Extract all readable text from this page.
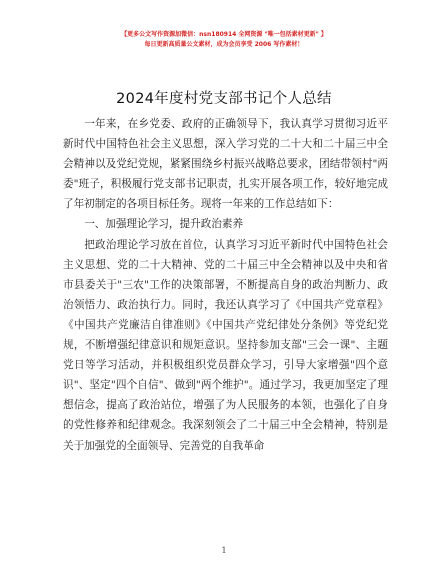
【更多公文写作资源加微信：nsn180914 全网资源 "唯一包括素材更新" 】
每日更新高质量公文素材，成为会员享受 2006 写作素材！
2024年度村党支部书记个人总结

一年来，在乡党委、政府的正确领导下，我认真学习贯彻习近平新时代中国特色社会主义思想，深入学习党的二十大和二十届三中全会精神以及党纪党规，紧紧围绕乡村振兴战略总要求，团结带领村"两委"班子，积极履行党支部书记职责，扎实开展各项工作，较好地完成了年初制定的各项目标任务。现将一年来的工作总结如下：

一、加强理论学习，提升政治素养

把政治理论学习放在首位，认真学习习近平新时代中国特色社会主义思想、党的二十大精神、党的二十届三中全会精神以及中央和省市县委关于"三农"工作的决策部署，不断提高自身的政治判断力、政治领悟力、政治执行力。同时，我还认真学习了《中国共产党章程》《中国共产党廉洁自律准则》《中国共产党纪律处分条例》等党纪党规，不断增强纪律意识和规矩意识。坚持参加支部"三会一课"、主题党日等学习活动，并积极组织党员群众学习，引导大家增强"四个意识"、坚定"四个自信"、做到"两个维护"。通过学习，我更加坚定了理想信念，提高了政治站位，增强了为人民服务的本领，也强化了自身的党性修养和纪律观念。我深刻领会了二十届三中全会精神，特别是关于加强党的全面领导、完善党的自我革命

1
